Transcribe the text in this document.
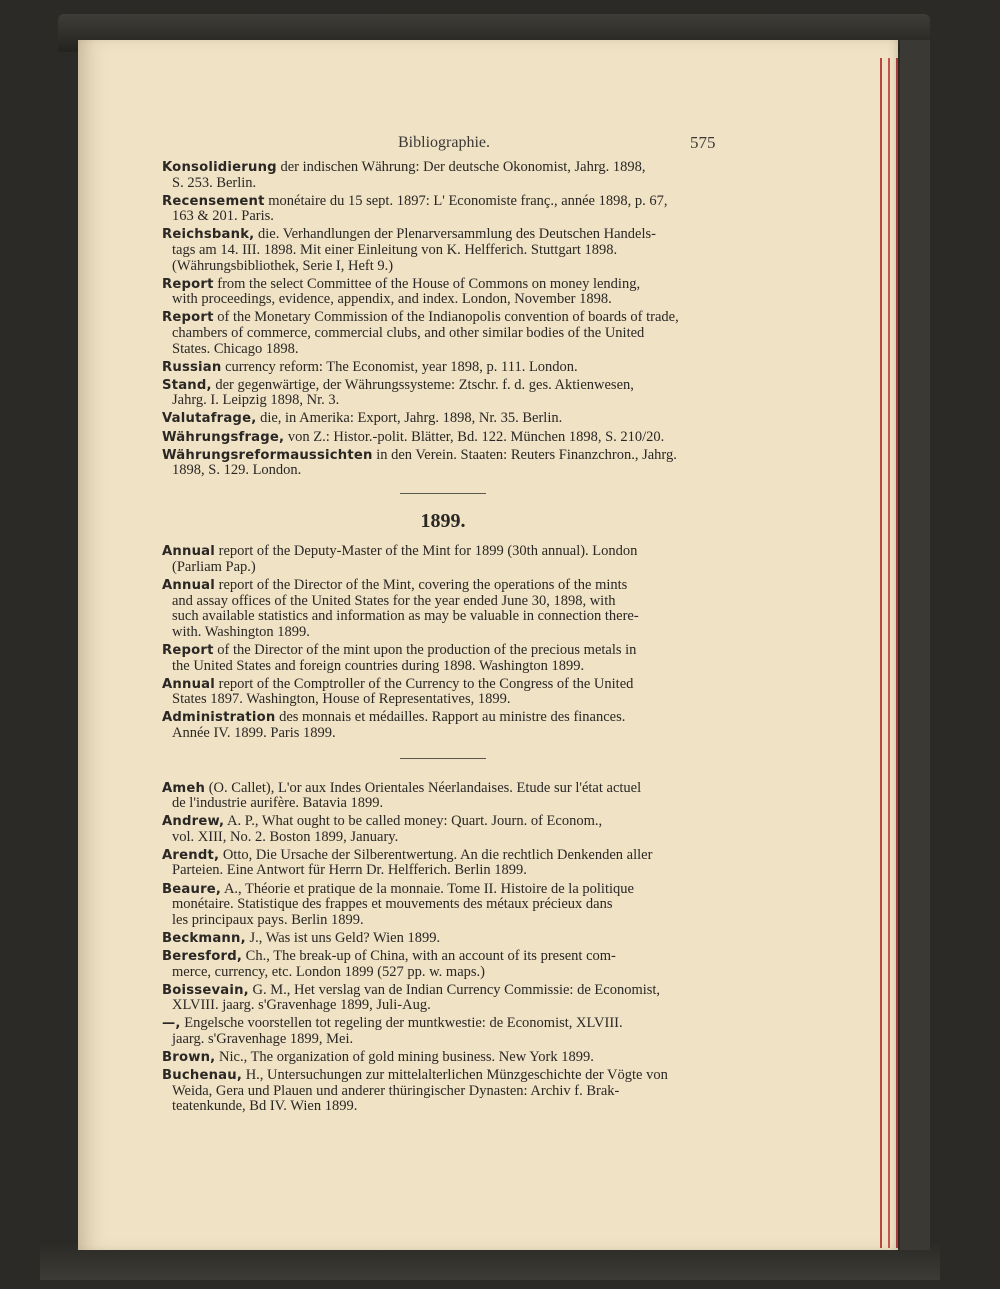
Bibliographie.	575
Konsolidierung der indischen Währung: Der deutsche Okonomist, Jahrg. 1898,
S. 253. Berlin.
Recensement monétaire du 15 sept. 1897: L' Economiste franç., année 1898, p. 67,
163 & 201. Paris.
Reichsbank, die. Verhandlungen der Plenarversammlung des Deutschen Handels-
tags am 14. III. 1898. Mit einer Einleitung von K. Helfferich. Stuttgart 1898.
(Währungsbibliothek, Serie I, Heft 9.)
Report from the select Committee of the House of Commons on money lending,
with proceedings, evidence, appendix, and index. London, November 1898.
Report of the Monetary Commission of the Indianopolis convention of boards of trade,
chambers of commerce, commercial clubs, and other similar bodies of the United
States. Chicago 1898.
Russian currency reform: The Economist, year 1898, p. 111. London.
Stand, der gegenwärtige, der Währungssysteme: Ztschr. f. d. ges. Aktienwesen,
Jahrg. I. Leipzig 1898, Nr. 3.
Valutafrage, die, in Amerika: Export, Jahrg. 1898, Nr. 35. Berlin.
Währungsfrage, von Z.: Histor.-polit. Blätter, Bd. 122. München 1898, S. 210/20.
Währungsreformaussichten in den Verein. Staaten: Reuters Finanzchron., Jahrg.
1898, S. 129. London.
1899.
Annual report of the Deputy-Master of the Mint for 1899 (30th annual). London
(Parliam Pap.)
Annual report of the Director of the Mint, covering the operations of the mints
and assay offices of the United States for the year ended June 30, 1898, with
such available statistics and information as may be valuable in connection there-
with. Washington 1899.
Report of the Director of the mint upon the production of the precious metals in
the United States and foreign countries during 1898. Washington 1899.
Annual report of the Comptroller of the Currency to the Congress of the United
States 1897. Washington, House of Representatives, 1899.
Administration des monnais et médailles. Rapport au ministre des finances.
Année IV. 1899. Paris 1899.
Ameh (O. Callet), L'or aux Indes Orientales Néerlandaises. Etude sur l'état actuel
de l'industrie aurifère. Batavia 1899.
Andrew, A. P., What ought to be called money: Quart. Journ. of Econom.,
vol. XIII, No. 2. Boston 1899, January.
Arendt, Otto, Die Ursache der Silberentwertung. An die rechtlich Denkenden aller
Parteien. Eine Antwort für Herrn Dr. Helfferich. Berlin 1899.
Beaure, A., Théorie et pratique de la monnaie. Tome II. Histoire de la politique
monétaire. Statistique des frappes et mouvements des métaux précieux dans
les principaux pays. Berlin 1899.
Beckmann, J., Was ist uns Geld? Wien 1899.
Beresford, Ch., The break-up of China, with an account of its present com-
merce, currency, etc. London 1899 (527 pp. w. maps.)
Boissevain, G. M., Het verslag van de Indian Currency Commissie: de Economist,
XLVIII. jaarg. s'Gravenhage 1899, Juli-Aug.
—, Engelsche voorstellen tot regeling der muntkwestie: de Economist, XLVIII.
jaarg. s'Gravenhage 1899, Mei.
Brown, Nic., The organization of gold mining business. New York 1899.
Buchenau, H., Untersuchungen zur mittelalterlichen Münzgeschichte der Vögte von
Weida, Gera und Plauen und anderer thüringischer Dynasten: Archiv f. Brak-
teatenkunde, Bd IV. Wien 1899.
